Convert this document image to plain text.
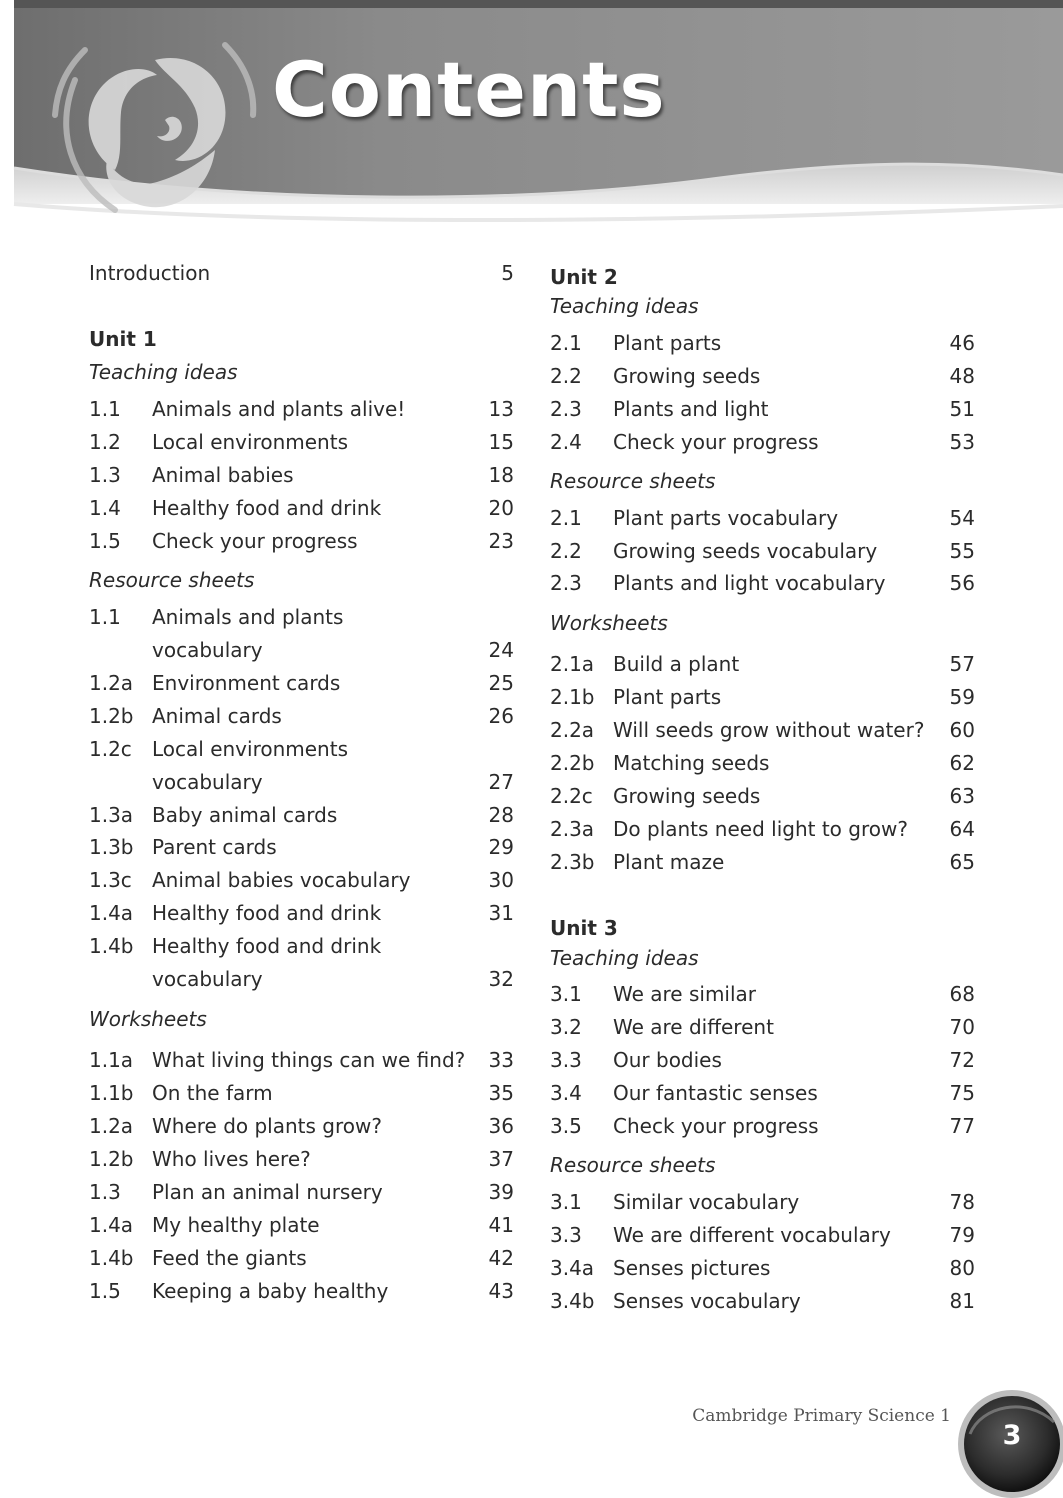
Contents
Introduction	5
Unit 1
Teaching ideas
1.1 Animals and plants alive!	13
1.2 Local environments	15
1.3 Animal babies	18
1.4 Healthy food and drink	20
1.5 Check your progress	23
Resource sheets
1.1 Animals and plants
vocabulary	24
1.2a Environment cards	25
1.2b Animal cards	26
1.2c Local environments
vocabulary	27
1.3a Baby animal cards	28
1.3b Parent cards	29
1.3c Animal babies vocabulary	30
1.4a Healthy food and drink	31
1.4b Healthy food and drink
vocabulary	32
Worksheets
1.1a What living things can we find? 33
1.1b On the farm	35
1.2a Where do plants grow?	36
1.2b Who lives here?	37
1.3 Plan an animal nursery	39
1.4a My healthy plate	41
1.4b Feed the giants	42
1.5 Keeping a baby healthy	43
Unit 2
Teaching ideas
2.1 Plant parts	46
2.2 Growing seeds	48
2.3 Plants and light	51
2.4 Check your progress	53
Resource sheets
2.1 Plant parts vocabulary	54
2.2 Growing seeds vocabulary	55
2.3 Plants and light vocabulary	56
Worksheets
2.1a Build a plant	57
2.1b Plant parts	59
2.2a Will seeds grow without water? 60
2.2b Matching seeds	62
2.2c Growing seeds	63
2.3a Do plants need light to grow? 64
2.3b Plant maze	65
Unit 3
Teaching ideas
3.1 We are similar	68
3.2 We are different	70
3.3 Our bodies	72
3.4 Our fantastic senses	75
3.5 Check your progress	77
Resource sheets
3.1 Similar vocabulary	78
3.3 We are different vocabulary	79
3.4a Senses pictures	80
3.4b Senses vocabulary	81
Cambridge Primary Science 1
3
